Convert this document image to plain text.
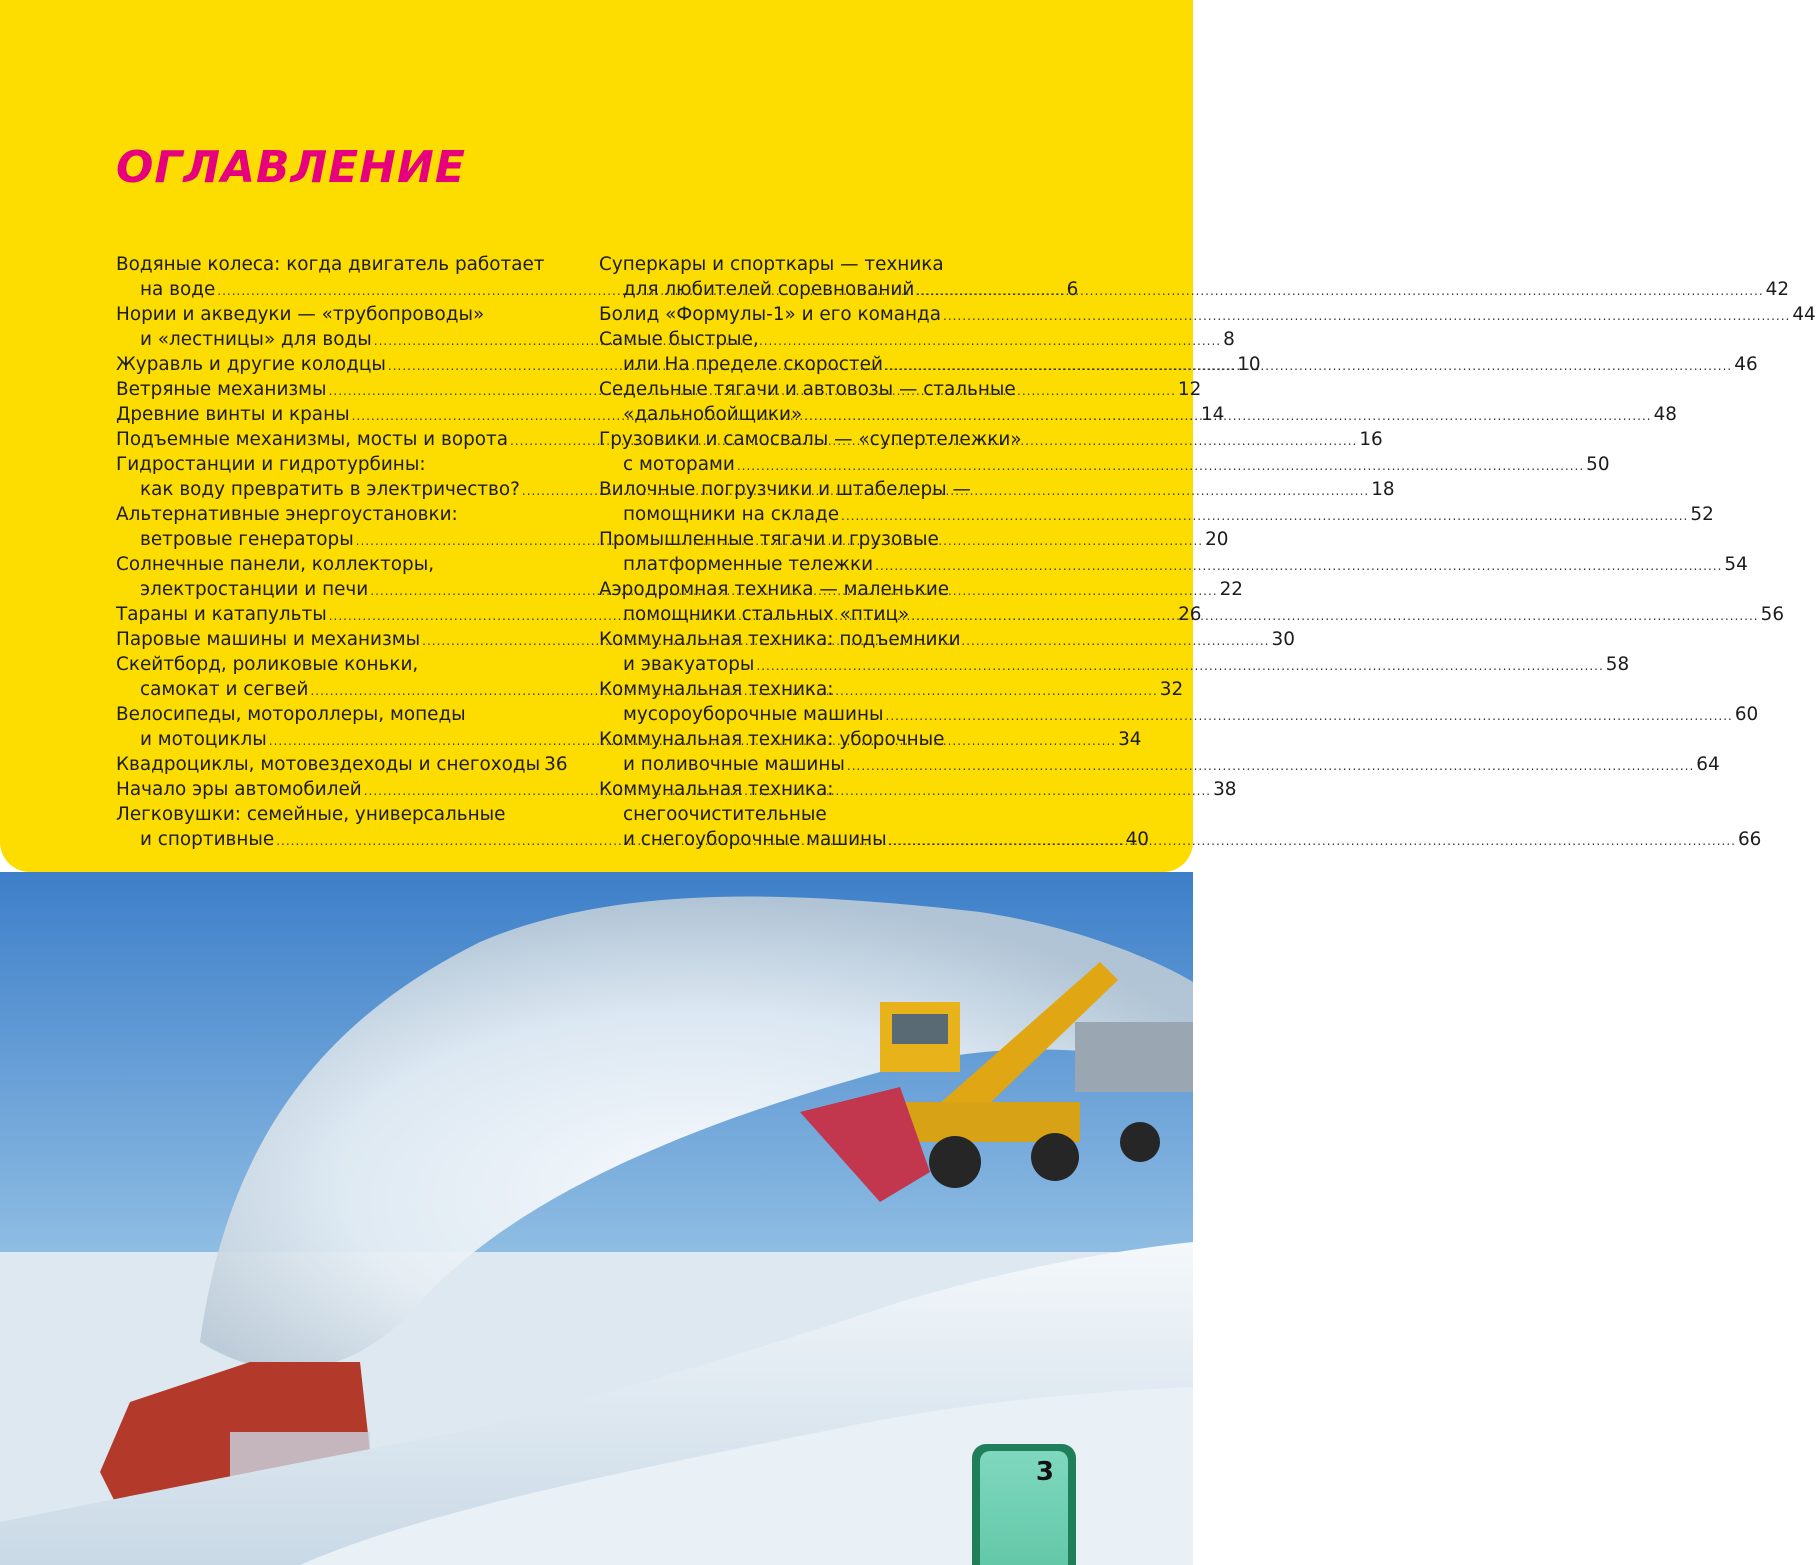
ОГЛАВЛЕНИЕ
Водяные колеса: когда двигатель работает
на воде .....	6
Нории и акведуки — «трубопроводы»
и «лестницы» для воды .....	8
Журавль и другие колодцы .....	10
Ветряные механизмы .....	12
Древние винты и краны .....	14
Подъемные механизмы, мосты и ворота .....	16
Гидростанции и гидротурбины:
как воду превратить в электричество? .....	18
Альтернативные энергоустановки:
ветровые генераторы .....	20
Солнечные панели, коллекторы,
электростанции и печи .....	22
Тараны и катапульты .....	26
Паровые машины и механизмы .....	30
Скейтборд, роликовые коньки,
самокат и сегвей .....	32
Велосипеды, мотороллеры, мопеды
и мотоциклы .....	34
Квадроциклы, мотовездеходы и снегоходы 36
Начало эры автомобилей .....	38
Легковушки: семейные, универсальные
и спортивные .....	40
Суперкары и спорткары — техника
для любителей соревнований .....	42
Болид «Формулы-1» и его команда .....	44
Самые быстрые,
или На пределе скоростей .....	46
Седельные тягачи и автовозы — стальные
«дальнобойщики» .....	48
Грузовики и самосвалы — «супертележки»
с моторами .....	50
Вилочные погрузчики и штабелеры —
помощники на складе .....	52
Промышленные тягачи и грузовые
платформенные тележки .....	54
Аэродромная техника — маленькие
помощники стальных «птиц» .....	56
Коммунальная техника: подъемники
и эвакуаторы .....	58
Коммунальная техника:
мусороуборочные машины .....	60
Коммунальная техника: уборочные
и поливочные машины .....	64
Коммунальная техника:
снегоочистительные
и снегоуборочные машины .....	66
3
